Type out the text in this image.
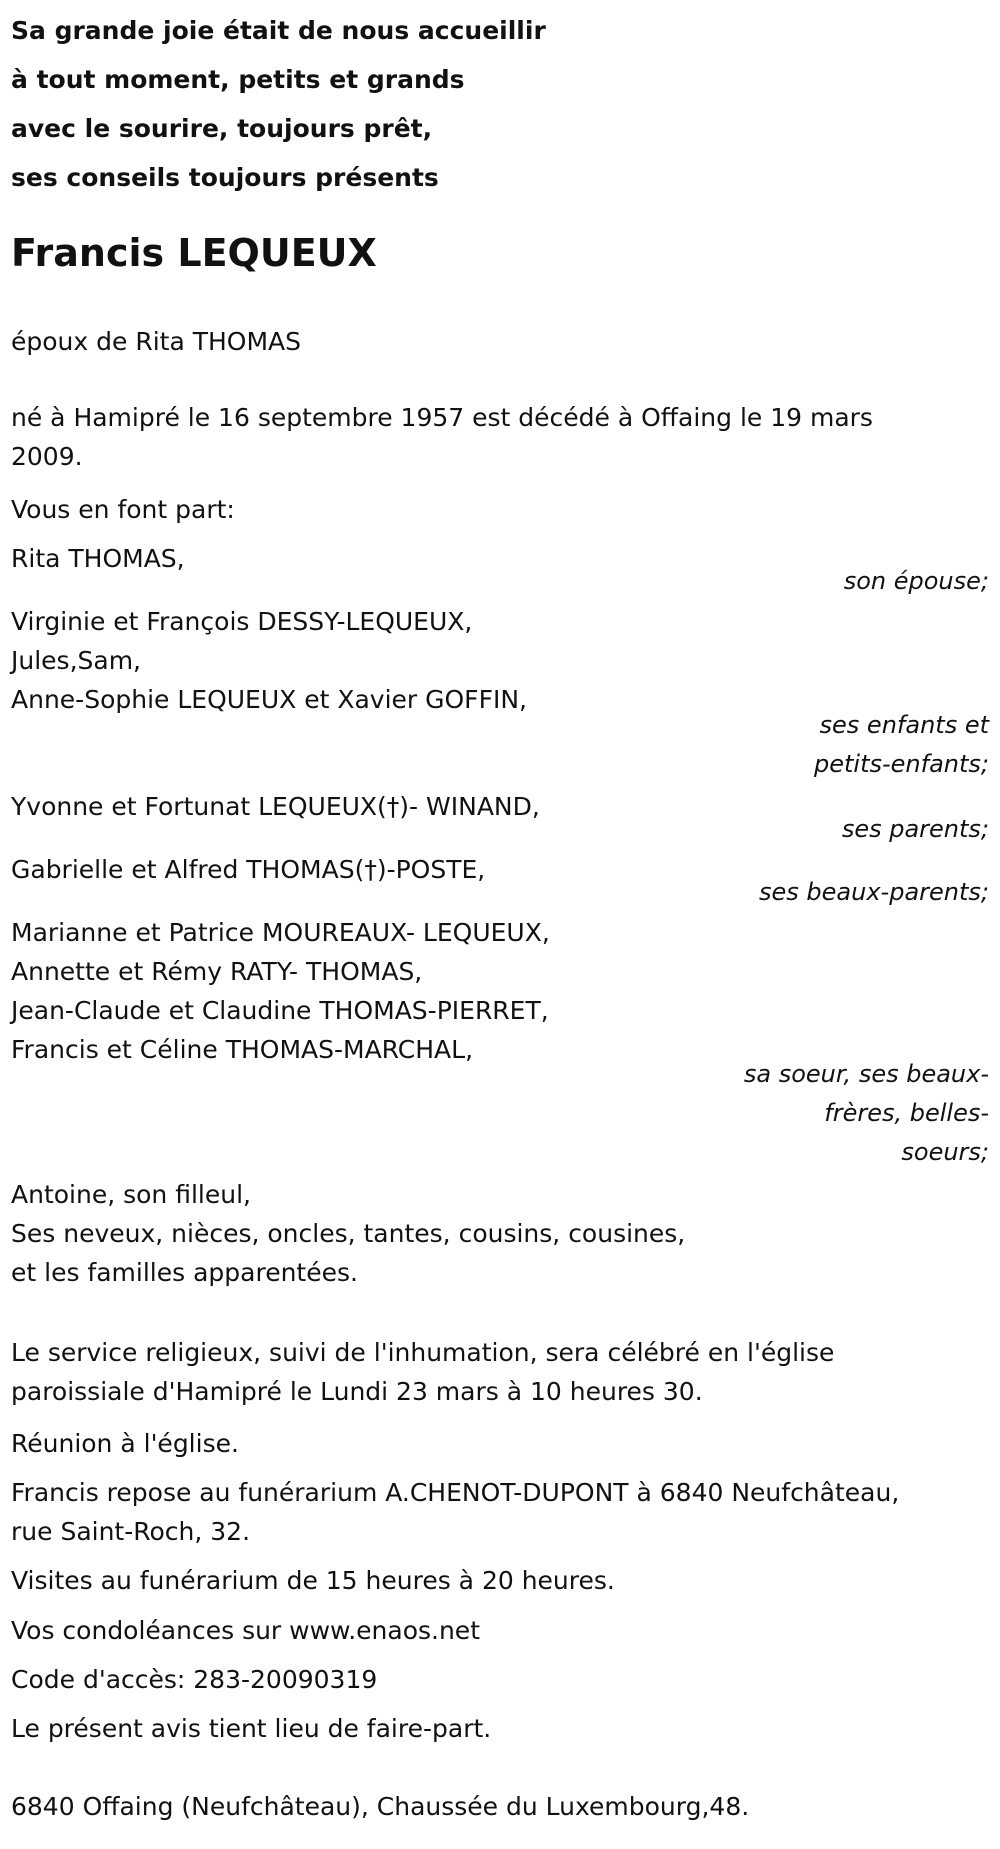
Sa grande joie était de nous accueillir
à tout moment, petits et grands
avec le sourire, toujours prêt,
ses conseils toujours présents
Francis LEQUEUX
époux de Rita THOMAS
né à Hamipré le 16 septembre 1957 est décédé à Offaing le 19 mars
2009.
Vous en font part:
Rita THOMAS,
son épouse;
Virginie et François DESSY-LEQUEUX,
Jules,Sam,
Anne-Sophie LEQUEUX et Xavier GOFFIN,
ses enfants et
petits-enfants;
Yvonne et Fortunat LEQUEUX(†)- WINAND,
ses parents;
Gabrielle et Alfred THOMAS(†)-POSTE,
ses beaux-parents;
Marianne et Patrice MOUREAUX- LEQUEUX,
Annette et Rémy RATY- THOMAS,
Jean-Claude et Claudine THOMAS-PIERRET,
Francis et Céline THOMAS-MARCHAL,
sa soeur, ses beaux-
frères, belles-
soeurs;
Antoine, son filleul,
Ses neveux, nièces, oncles, tantes, cousins, cousines,
et les familles apparentées.
Le service religieux, suivi de l'inhumation, sera célébré en l'église
paroissiale d'Hamipré le Lundi 23 mars à 10 heures 30.
Réunion à l'église.
Francis repose au funérarium A.CHENOT-DUPONT à 6840 Neufchâteau,
rue Saint-Roch, 32.
Visites au funérarium de 15 heures à 20 heures.
Vos condoléances sur www.enaos.net
Code d'accès: 283-20090319
Le présent avis tient lieu de faire-part.
6840 Offaing (Neufchâteau), Chaussée du Luxembourg,48.
